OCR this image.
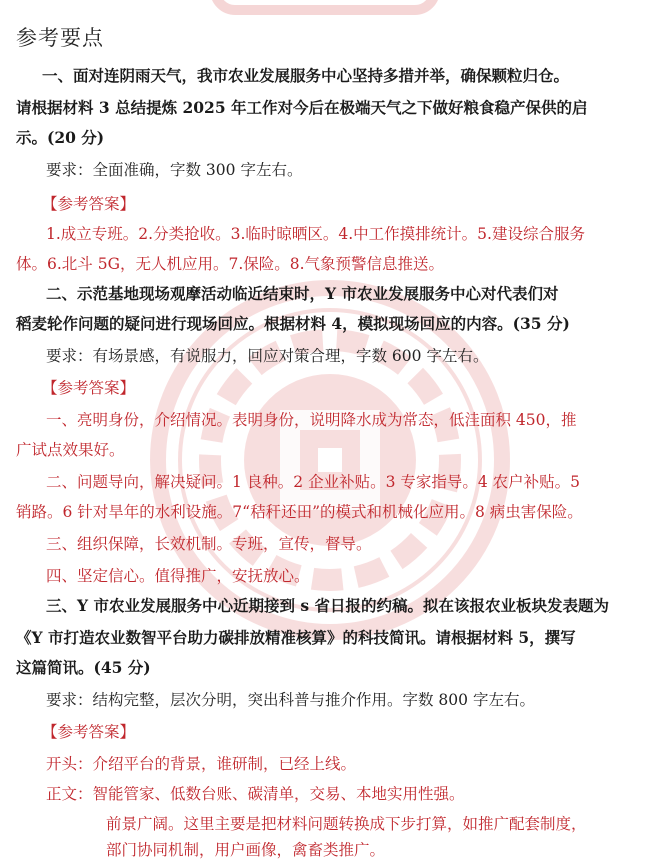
参考要点
一、面对连阴雨天气，我市农业发展服务中心坚持多措并举，确保颗粒归仓。
请根据材料 3 总结提炼 2025 年工作对今后在极端天气之下做好粮食稳产保供的启
示。(20 分)
要求：全面准确，字数 300 字左右。
【参考答案】
1.成立专班。2.分类抢收。3.临时晾晒区。4.中工作摸排统计。5.建设综合服务
体。6.北斗 5G，无人机应用。7.保险。8.气象预警信息推送。
二、示范基地现场观摩活动临近结束时，Y 市农业发展服务中心对代表们对
稻麦轮作问题的疑问进行现场回应。根据材料 4，模拟现场回应的内容。(35 分)
要求：有场景感，有说服力，回应对策合理，字数 600 字左右。
【参考答案】
一、亮明身份，介绍情况。表明身份，说明降水成为常态，低洼面积 450，推
广试点效果好。
二、问题导向，解决疑问。1 良种。2 企业补贴。3 专家指导。4 农户补贴。5
销路。6 针对旱年的水利设施。7“秸秆还田”的模式和机械化应用。8 病虫害保险。
三、组织保障，长效机制。专班，宣传，督导。
四、坚定信心。值得推广，安抚放心。
三、Y 市农业发展服务中心近期接到 s 省日报的约稿。拟在该报农业板块发表题为
《Y 市打造农业数智平台助力碳排放精准核算》的科技简讯。请根据材料 5，撰写
这篇简讯。(45 分)
要求：结构完整，层次分明，突出科普与推介作用。字数 800 字左右。
【参考答案】
开头：介绍平台的背景，谁研制，已经上线。
正文：智能管家、低数台账、碳清单，交易、本地实用性强。
前景广阔。这里主要是把材料问题转换成下步打算，如推广配套制度，
部门协同机制，用户画像，禽畜类推广。
